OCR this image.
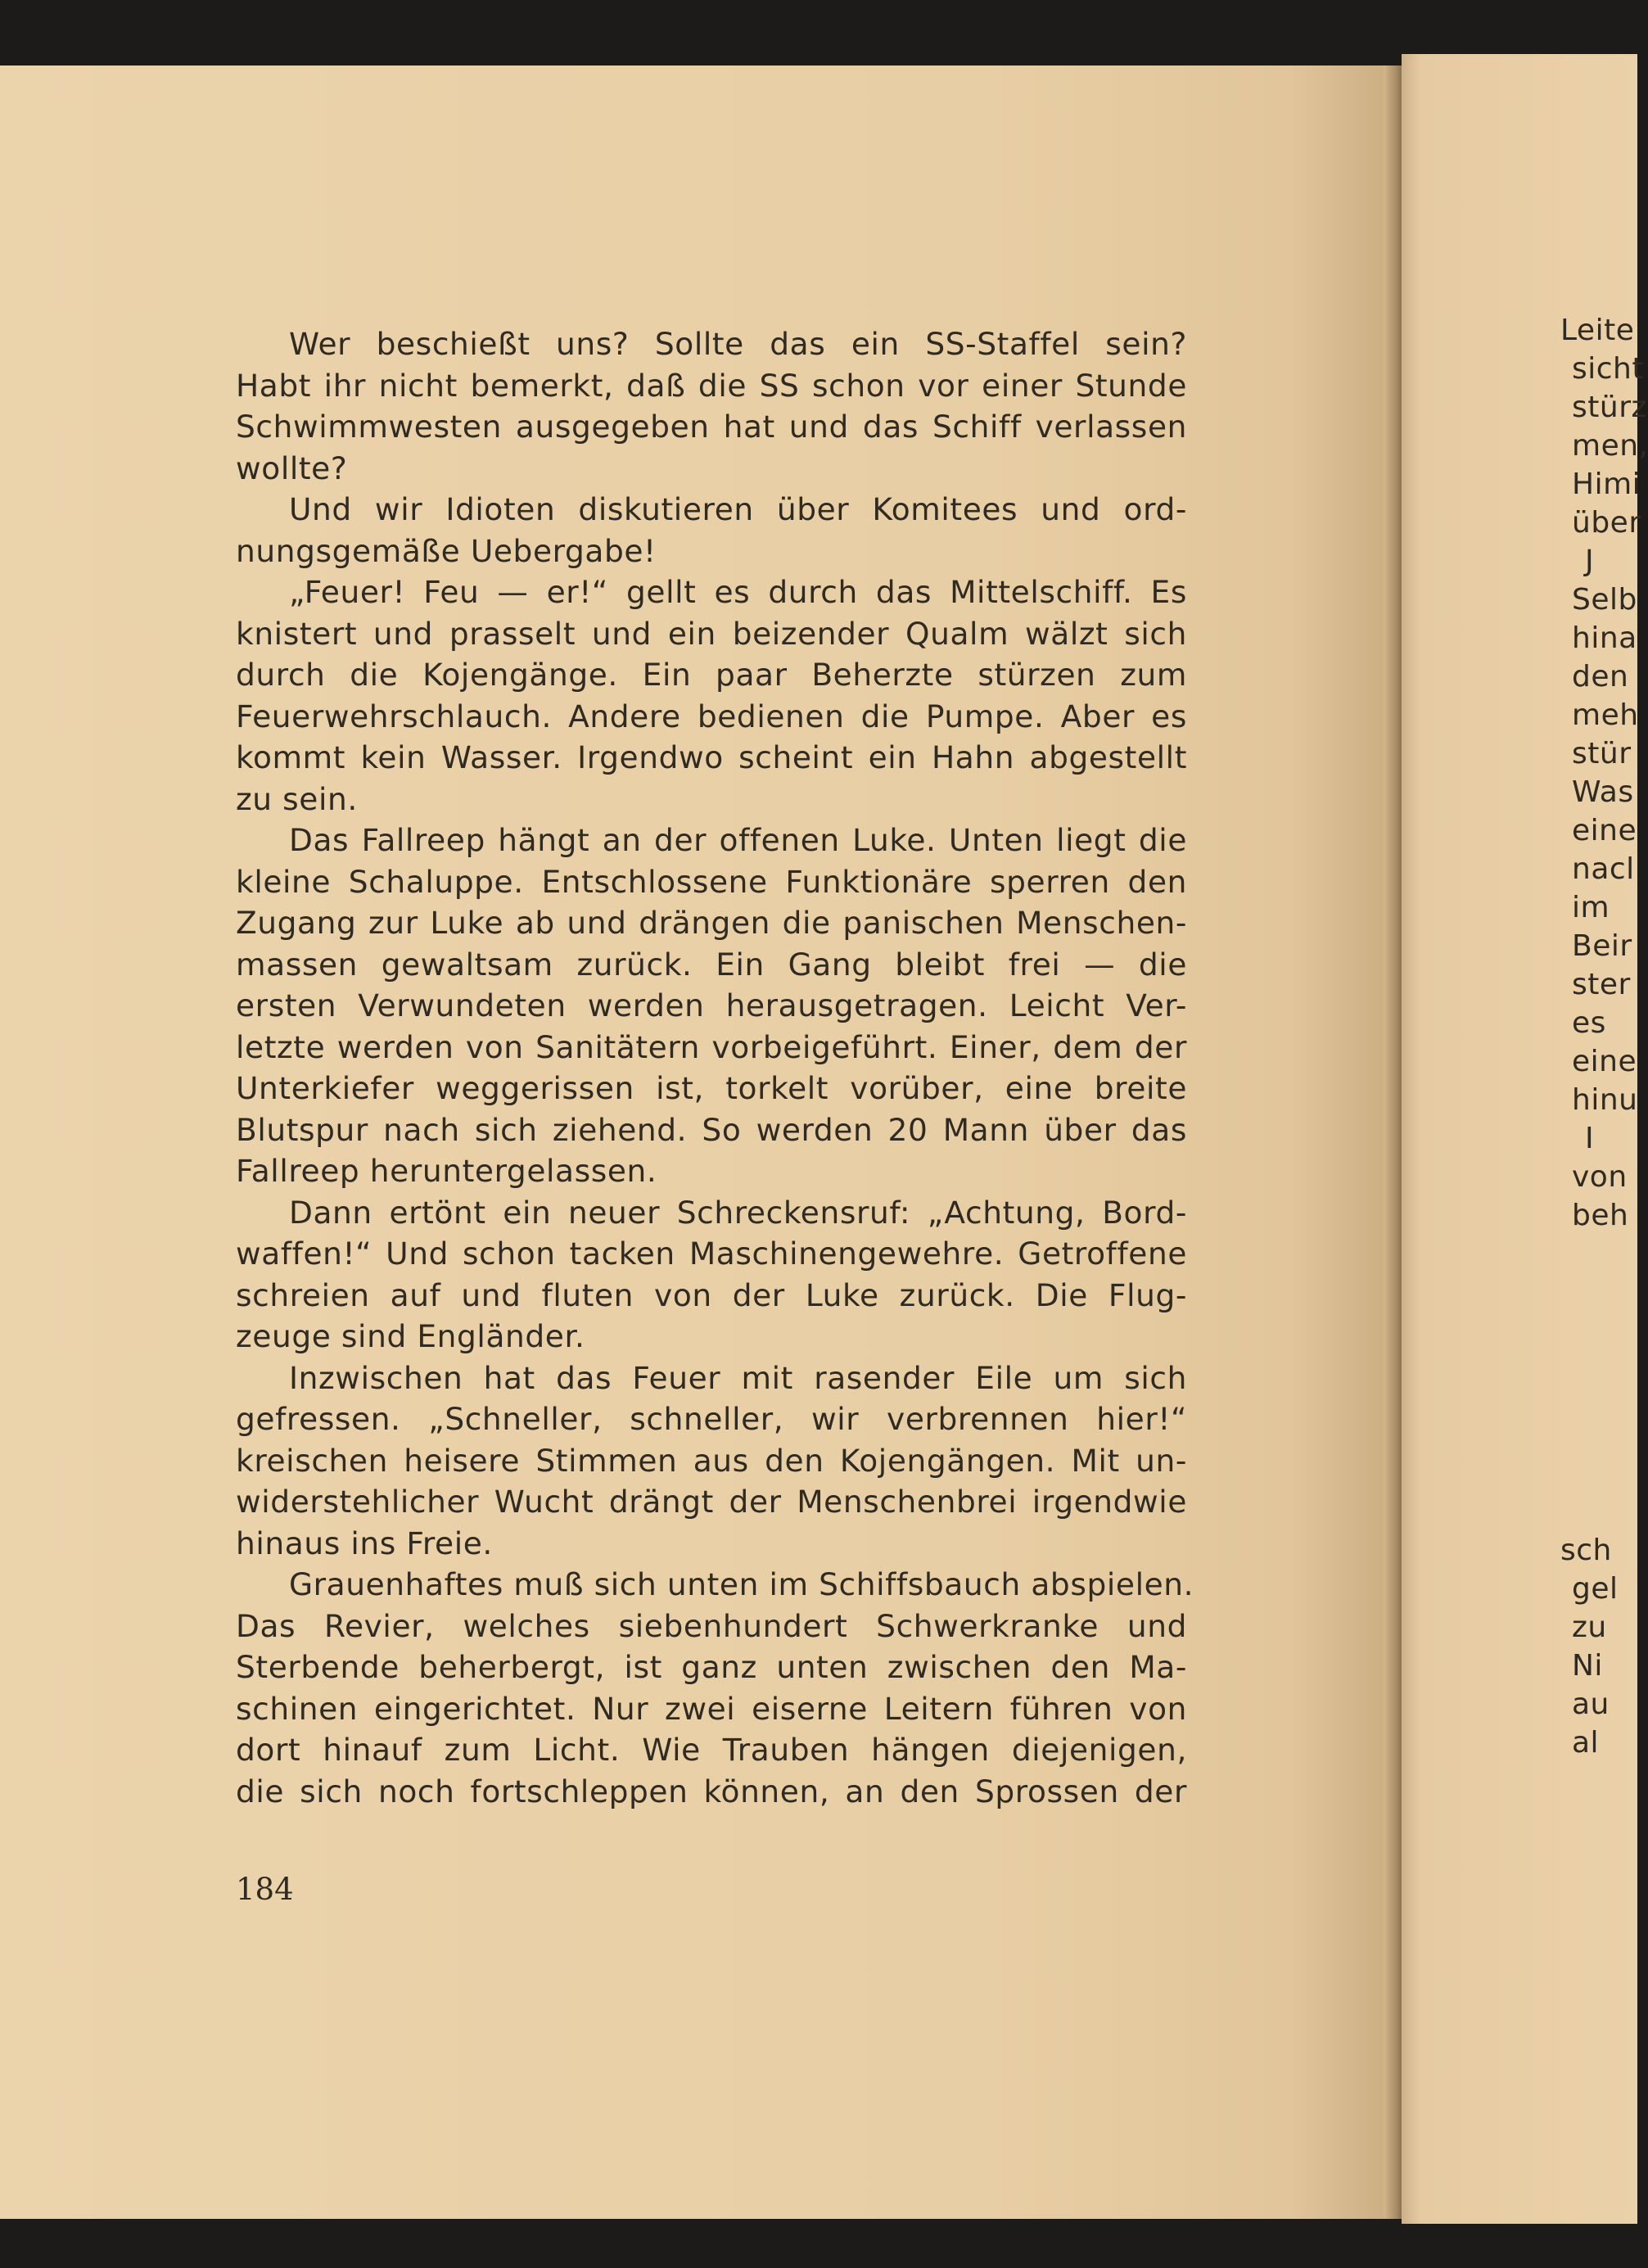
Wer beschießt uns? Sollte das ein SS-Staffel sein?
Habt ihr nicht bemerkt, daß die SS schon vor einer Stunde
Schwimmwesten ausgegeben hat und das Schiff verlassen
wollte?
Und wir Idioten diskutieren über Komitees und ord-
nungsgemäße Uebergabe!
„Feuer! Feu — er!“ gellt es durch das Mittelschiff. Es
knistert und prasselt und ein beizender Qualm wälzt sich
durch die Kojengänge. Ein paar Beherzte stürzen zum
Feuerwehrschlauch. Andere bedienen die Pumpe. Aber es
kommt kein Wasser. Irgendwo scheint ein Hahn abgestellt
zu sein.
Das Fallreep hängt an der offenen Luke. Unten liegt die
kleine Schaluppe. Entschlossene Funktionäre sperren den
Zugang zur Luke ab und drängen die panischen Menschen-
massen gewaltsam zurück. Ein Gang bleibt frei — die
ersten Verwundeten werden herausgetragen. Leicht Ver-
letzte werden von Sanitätern vorbeigeführt. Einer, dem der
Unterkiefer weggerissen ist, torkelt vorüber, eine breite
Blutspur nach sich ziehend. So werden 20 Mann über das
Fallreep heruntergelassen.
Dann ertönt ein neuer Schreckensruf: „Achtung, Bord-
waffen!“ Und schon tacken Maschinengewehre. Getroffene
schreien auf und fluten von der Luke zurück. Die Flug-
zeuge sind Engländer.
Inzwischen hat das Feuer mit rasender Eile um sich
gefressen. „Schneller, schneller, wir verbrennen hier!“
kreischen heisere Stimmen aus den Kojengängen. Mit un-
widerstehlicher Wucht drängt der Menschenbrei irgendwie
hinaus ins Freie.
Grauenhaftes muß sich unten im Schiffsbauch abspielen.
Das Revier, welches siebenhundert Schwerkranke und
Sterbende beherbergt, ist ganz unten zwischen den Ma-
schinen eingerichtet. Nur zwei eiserne Leitern führen von
dort hinauf zum Licht. Wie Trauben hängen diejenigen,
die sich noch fortschleppen können, an den Sprossen der
184
Leite
sicht
stürz
men,
Himi
über
J
Selb
hina
den
meh
stür
Was
eine
nacl
im
Beir
ster
es
eine
hinu
I
von
beh
sch
gel
zu
Ni
au
al
